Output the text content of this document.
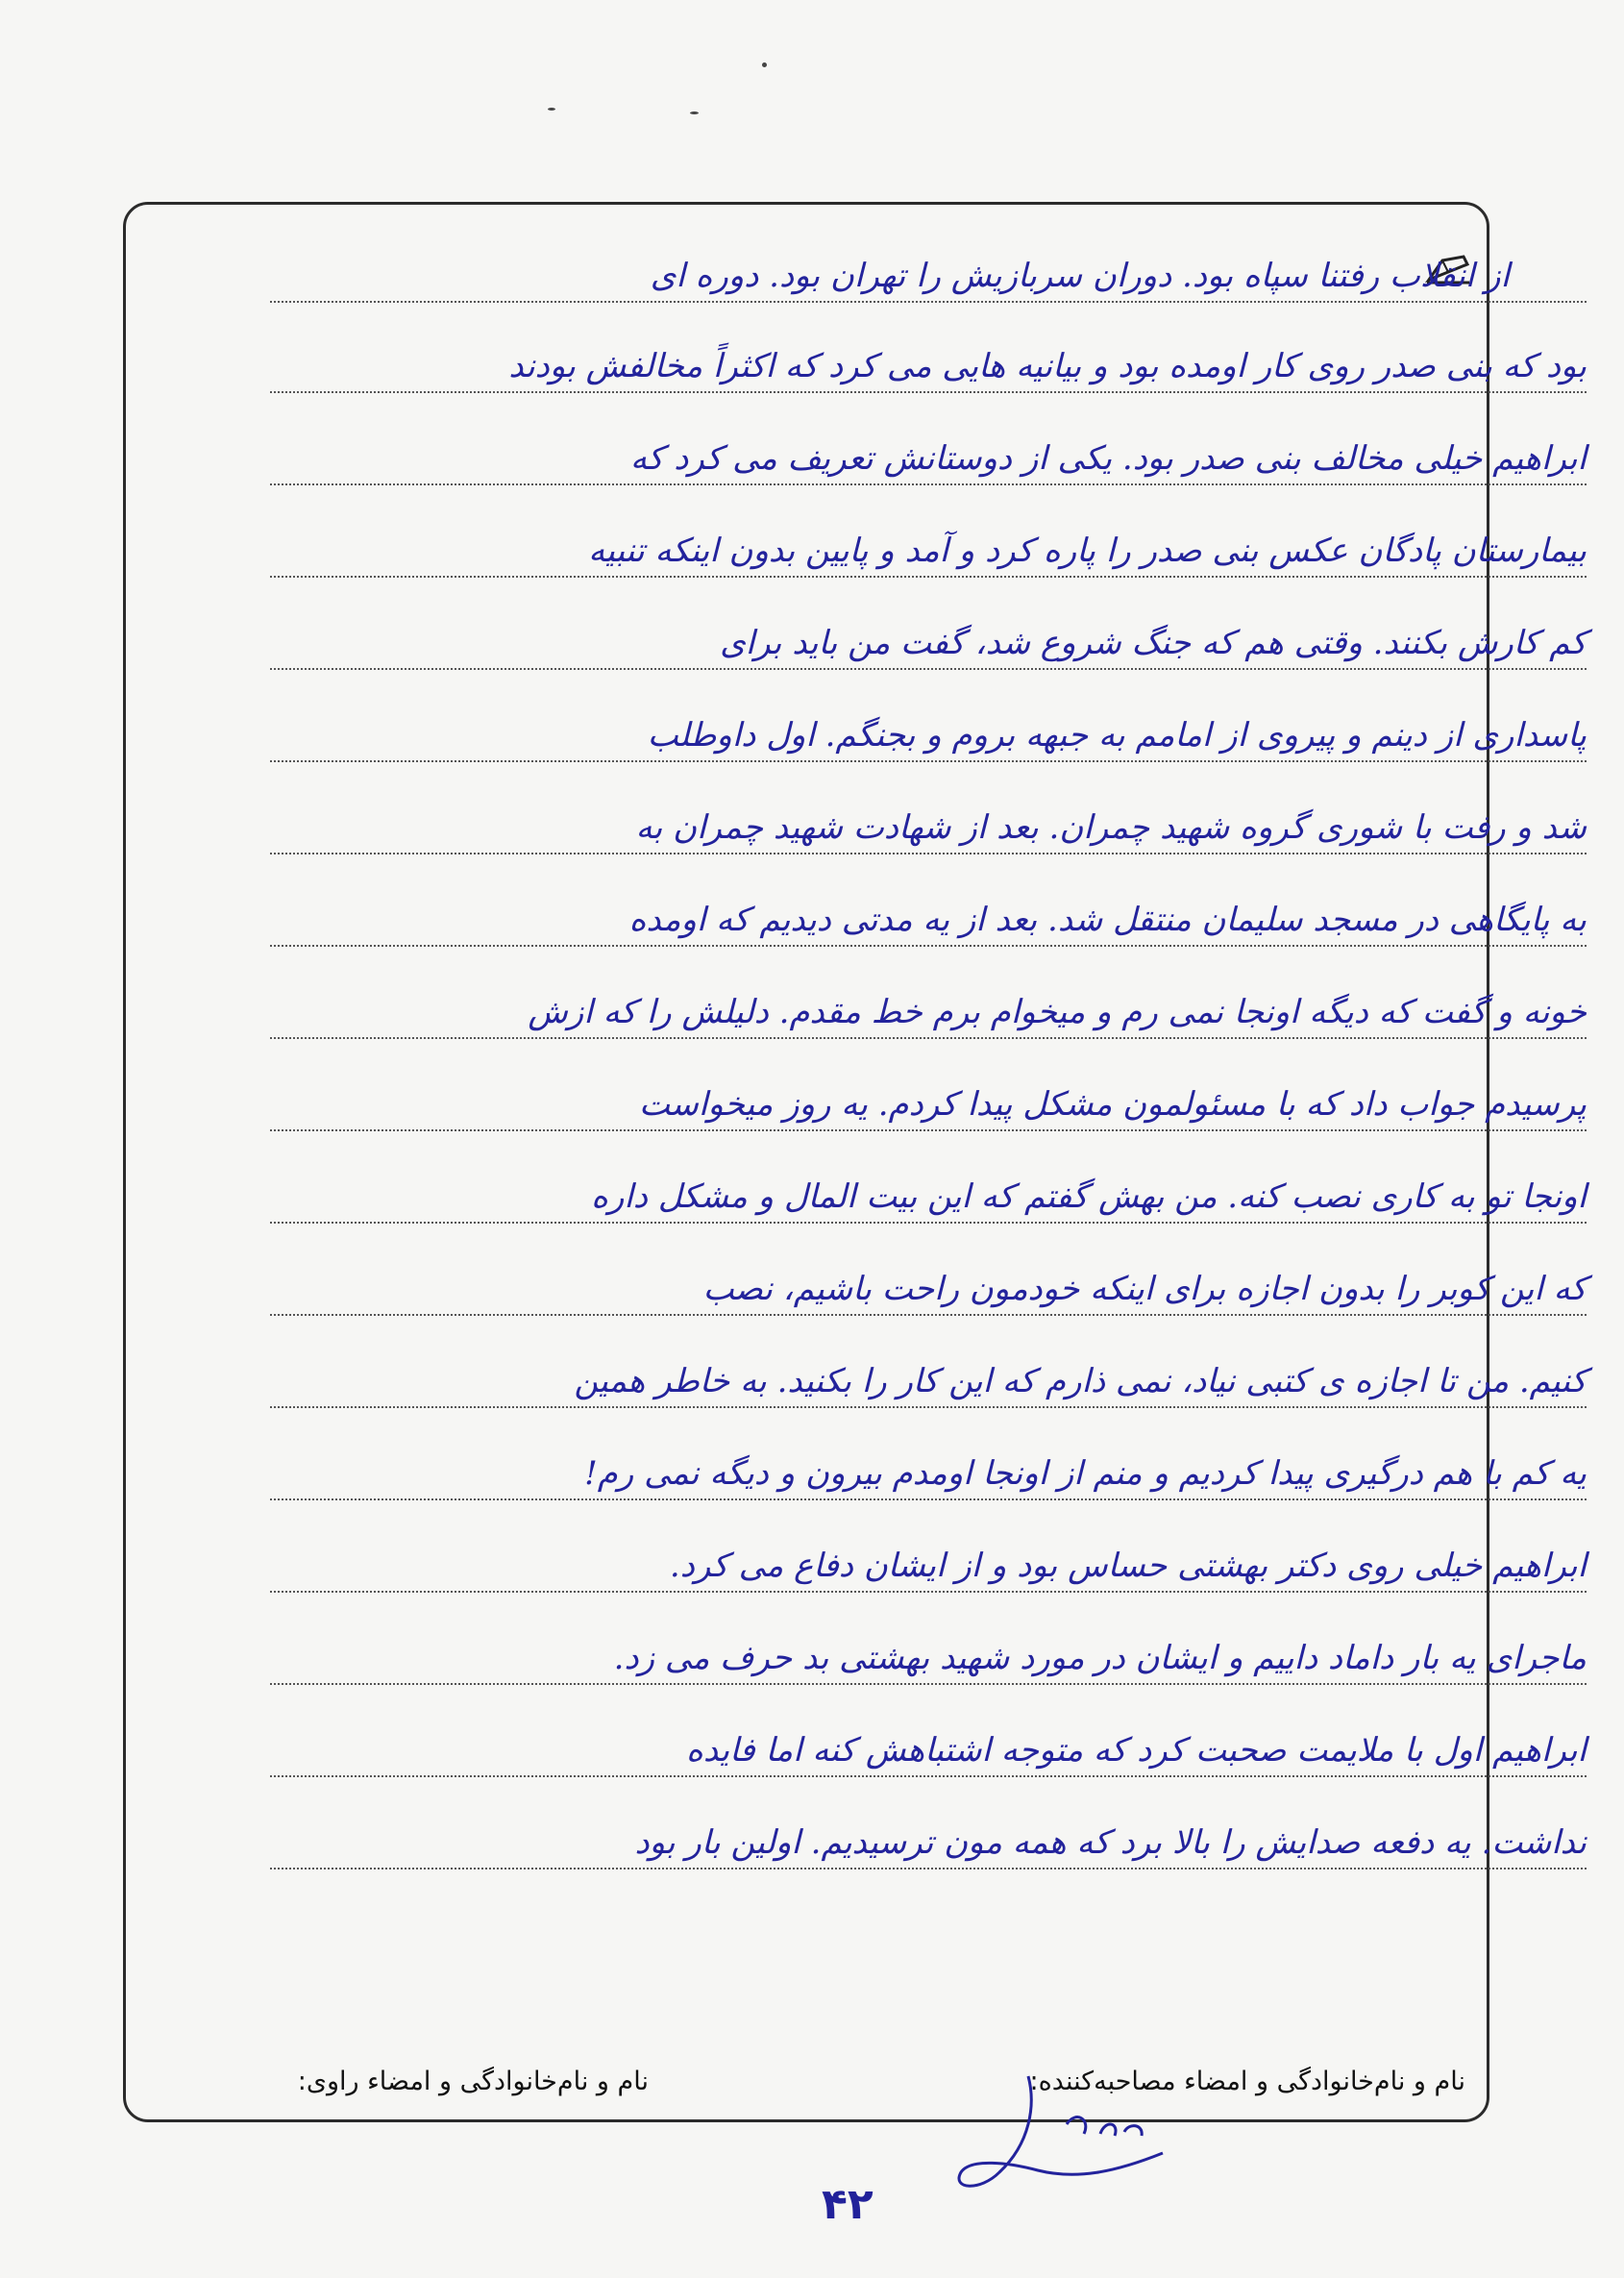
از انقلاب رفتنا سپاه بود. دوران سربازیش را تهران بود. دوره ای
بود که بنی صدر روی کار اومده بود و بیانیه هایی می کرد که اکثراً مخالفش بودند
ابراهیم خیلی مخالف بنی صدر بود. یکی از دوستانش تعریف می کرد که
بیمارستان پادگان عکس بنی صدر را پاره کرد و آمد و پایین بدون اینکه تنبیه
کم کارش بکنند. وقتی هم که جنگ شروع شد، گفت من باید برای
پاسداری از دینم و پیروی از امامم به جبهه بروم و بجنگم. اول داوطلب
شد و رفت با شوری گروه شهید چمران. بعد از شهادت شهید چمران به
به پایگاهی در مسجد سلیمان منتقل شد. بعد از یه مدتی دیدیم که اومده
خونه و گفت که دیگه اونجا نمی رم و میخوام برم خط مقدم. دلیلش را که ازش
پرسیدم جواب داد که با مسئولمون مشکل پیدا کردم. یه روز میخواست
اونجا تو به کاری نصب کنه. من بهش گفتم که این بیت المال و مشکل داره
که این کوبر را بدون اجازه برای اینکه خودمون راحت باشیم، نصب
کنیم. من تا اجازه ی کتبی نیاد، نمی ذارم که این کار را بکنید. به خاطر همین
یه کم با هم درگیری پیدا کردیم و منم از اونجا اومدم بیرون و دیگه نمی رم!
ابراهیم خیلی روی دکتر بهشتی حساس بود و از ایشان دفاع می کرد.
ماجرای یه بار داماد داییم و ایشان در مورد شهید بهشتی بد حرف می زد.
ابراهیم اول با ملایمت صحبت کرد که متوجه اشتباهش کنه اما فایده
نداشت. یه دفعه صدایش را بالا برد که همه مون ترسیدیم. اولین بار بود
نام و نام‌خانوادگی و امضاء مصاحبه‌کننده:
نام و نام‌خانوادگی و امضاء راوی:
۴۲
